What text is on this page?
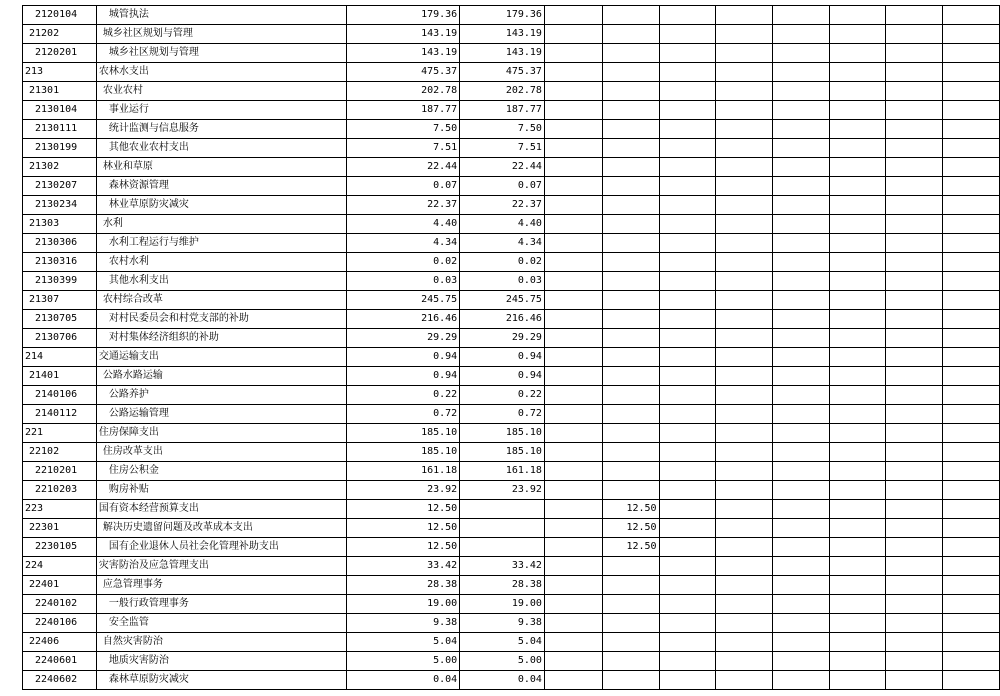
2120104	城管执法	179.36	179.36								
21202	城乡社区规划与管理	143.19	143.19								
2120201	城乡社区规划与管理	143.19	143.19								
213	农林水支出	475.37	475.37								
21301	农业农村	202.78	202.78								
2130104	事业运行	187.77	187.77								
2130111	统计监测与信息服务	7.50	7.50								
2130199	其他农业农村支出	7.51	7.51								
21302	林业和草原	22.44	22.44								
2130207	森林资源管理	0.07	0.07								
2130234	林业草原防灾减灾	22.37	22.37								
21303	水利	4.40	4.40								
2130306	水利工程运行与维护	4.34	4.34								
2130316	农村水利	0.02	0.02								
2130399	其他水利支出	0.03	0.03								
21307	农村综合改革	245.75	245.75								
2130705	对村民委员会和村党支部的补助	216.46	216.46								
2130706	对村集体经济组织的补助	29.29	29.29								
214	交通运输支出	0.94	0.94								
21401	公路水路运输	0.94	0.94								
2140106	公路养护	0.22	0.22								
2140112	公路运输管理	0.72	0.72								
221	住房保障支出	185.10	185.10								
22102	住房改革支出	185.10	185.10								
2210201	住房公积金	161.18	161.18								
2210203	购房补贴	23.92	23.92								
223	国有资本经营预算支出	12.50			12.50						
22301	解决历史遗留问题及改革成本支出	12.50			12.50						
2230105	国有企业退休人员社会化管理补助支出	12.50			12.50						
224	灾害防治及应急管理支出	33.42	33.42								
22401	应急管理事务	28.38	28.38								
2240102	一般行政管理事务	19.00	19.00								
2240106	安全监管	9.38	9.38								
22406	自然灾害防治	5.04	5.04								
2240601	地质灾害防治	5.00	5.00								
2240602	森林草原防灾减灾	0.04	0.04								
